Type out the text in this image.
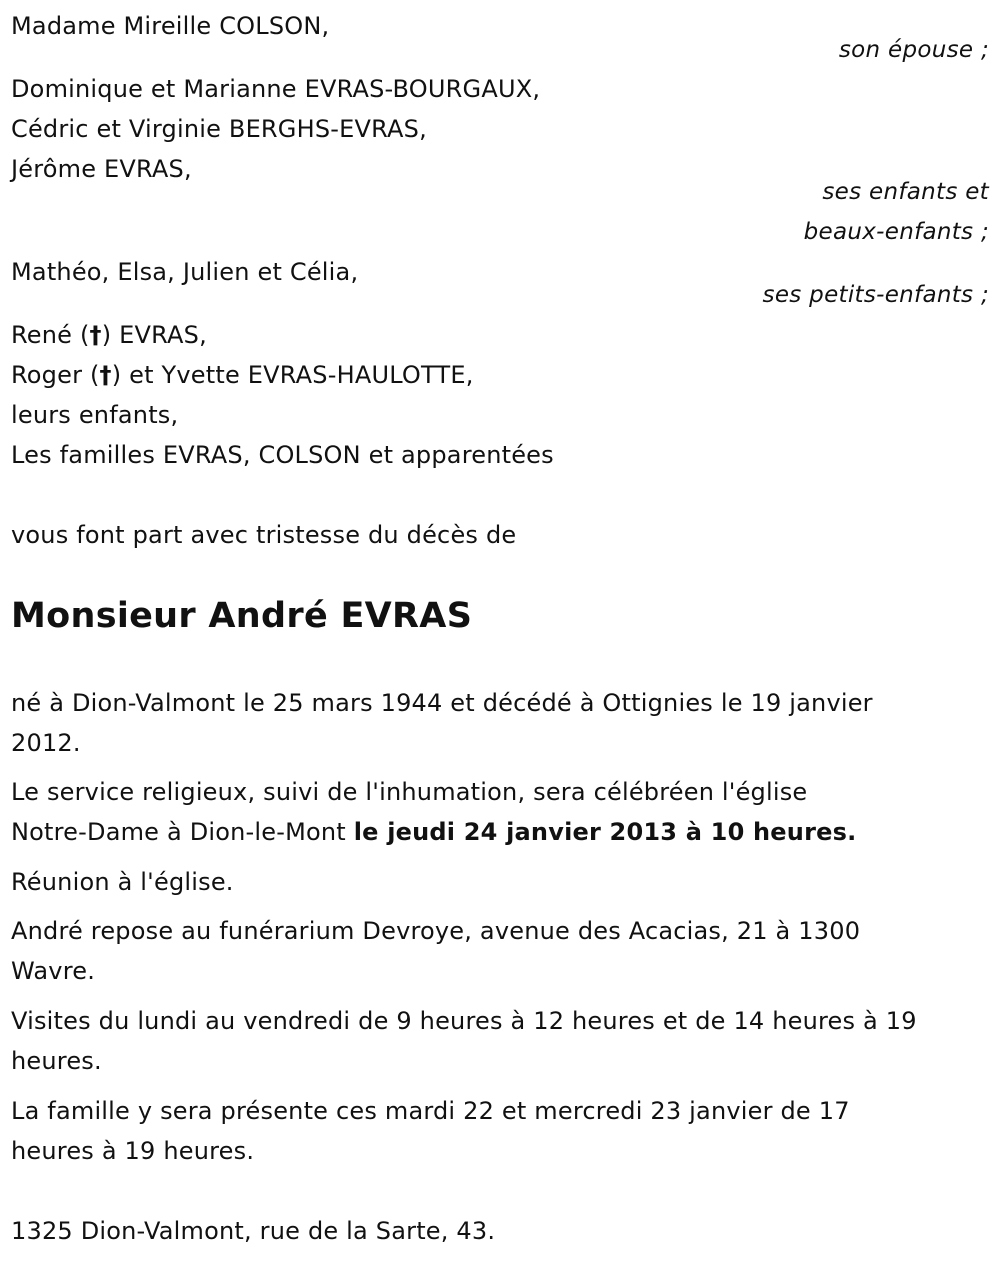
Madame Mireille COLSON,
son épouse ;
Dominique et Marianne EVRAS-BOURGAUX,
Cédric et Virginie BERGHS-EVRAS,
Jérôme EVRAS,
ses enfants et
beaux-enfants ;
Mathéo, Elsa, Julien et Célia,
ses petits-enfants ;
René (†) EVRAS,
Roger (†) et Yvette EVRAS-HAULOTTE,
leurs enfants,
Les familles EVRAS, COLSON et apparentées
vous font part avec tristesse du décès de
Monsieur André EVRAS
né à Dion-Valmont le 25 mars 1944 et décédé à Ottignies le 19 janvier
2012.
Le service religieux, suivi de l'inhumation, sera célébréen l'église
Notre-Dame à Dion-le-Mont le jeudi 24 janvier 2013 à 10 heures.
Réunion à l'église.
André repose au funérarium Devroye, avenue des Acacias, 21 à 1300
Wavre.
Visites du lundi au vendredi de 9 heures à 12 heures et de 14 heures à 19
heures.
La famille y sera présente ces mardi 22 et mercredi 23 janvier de 17
heures à 19 heures.
1325 Dion-Valmont, rue de la Sarte, 43.
